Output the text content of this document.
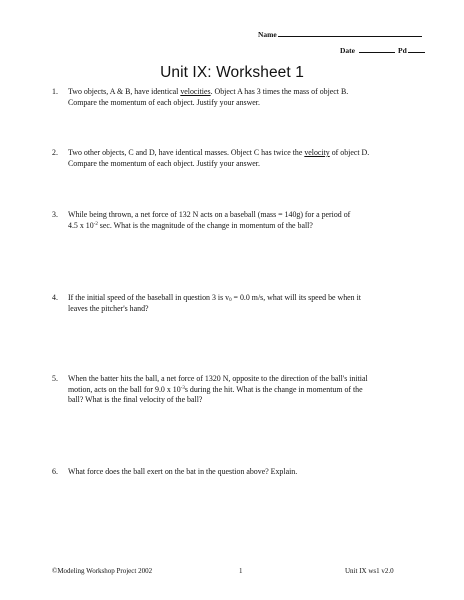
Name
Date	Pd
Unit IX: Worksheet 1
1. Two objects, A & B, have identical velocities. Object A has 3 times the mass of object B.
Compare the momentum of each object. Justify your answer.
2. Two other objects, C and D, have identical masses. Object C has twice the velocity of object D.
Compare the momentum of each object. Justify your answer.
3. While being thrown, a net force of 132 N acts on a baseball (mass = 140g) for a period of
4.5 x $10^{-2}$ sec. What is the magnitude of the change in momentum of the ball?
4. If the initial speed of the baseball in question 3 is $v_0 = 0.0$ m/s, what will its speed be when it
leaves the pitcher's hand?
5. When the batter hits the ball, a net force of 1320 N, opposite to the direction of the ball's initial
motion, acts on the ball for 9.0 x $10^{-3}s$ during the hit. What is the change in momentum of the
ball? What is the final velocity of the ball?
6. What force does the ball exert on the bat in the question above? Explain.
©Modeling Workshop Project 2002	1	Unit IX ws1 v2.0
